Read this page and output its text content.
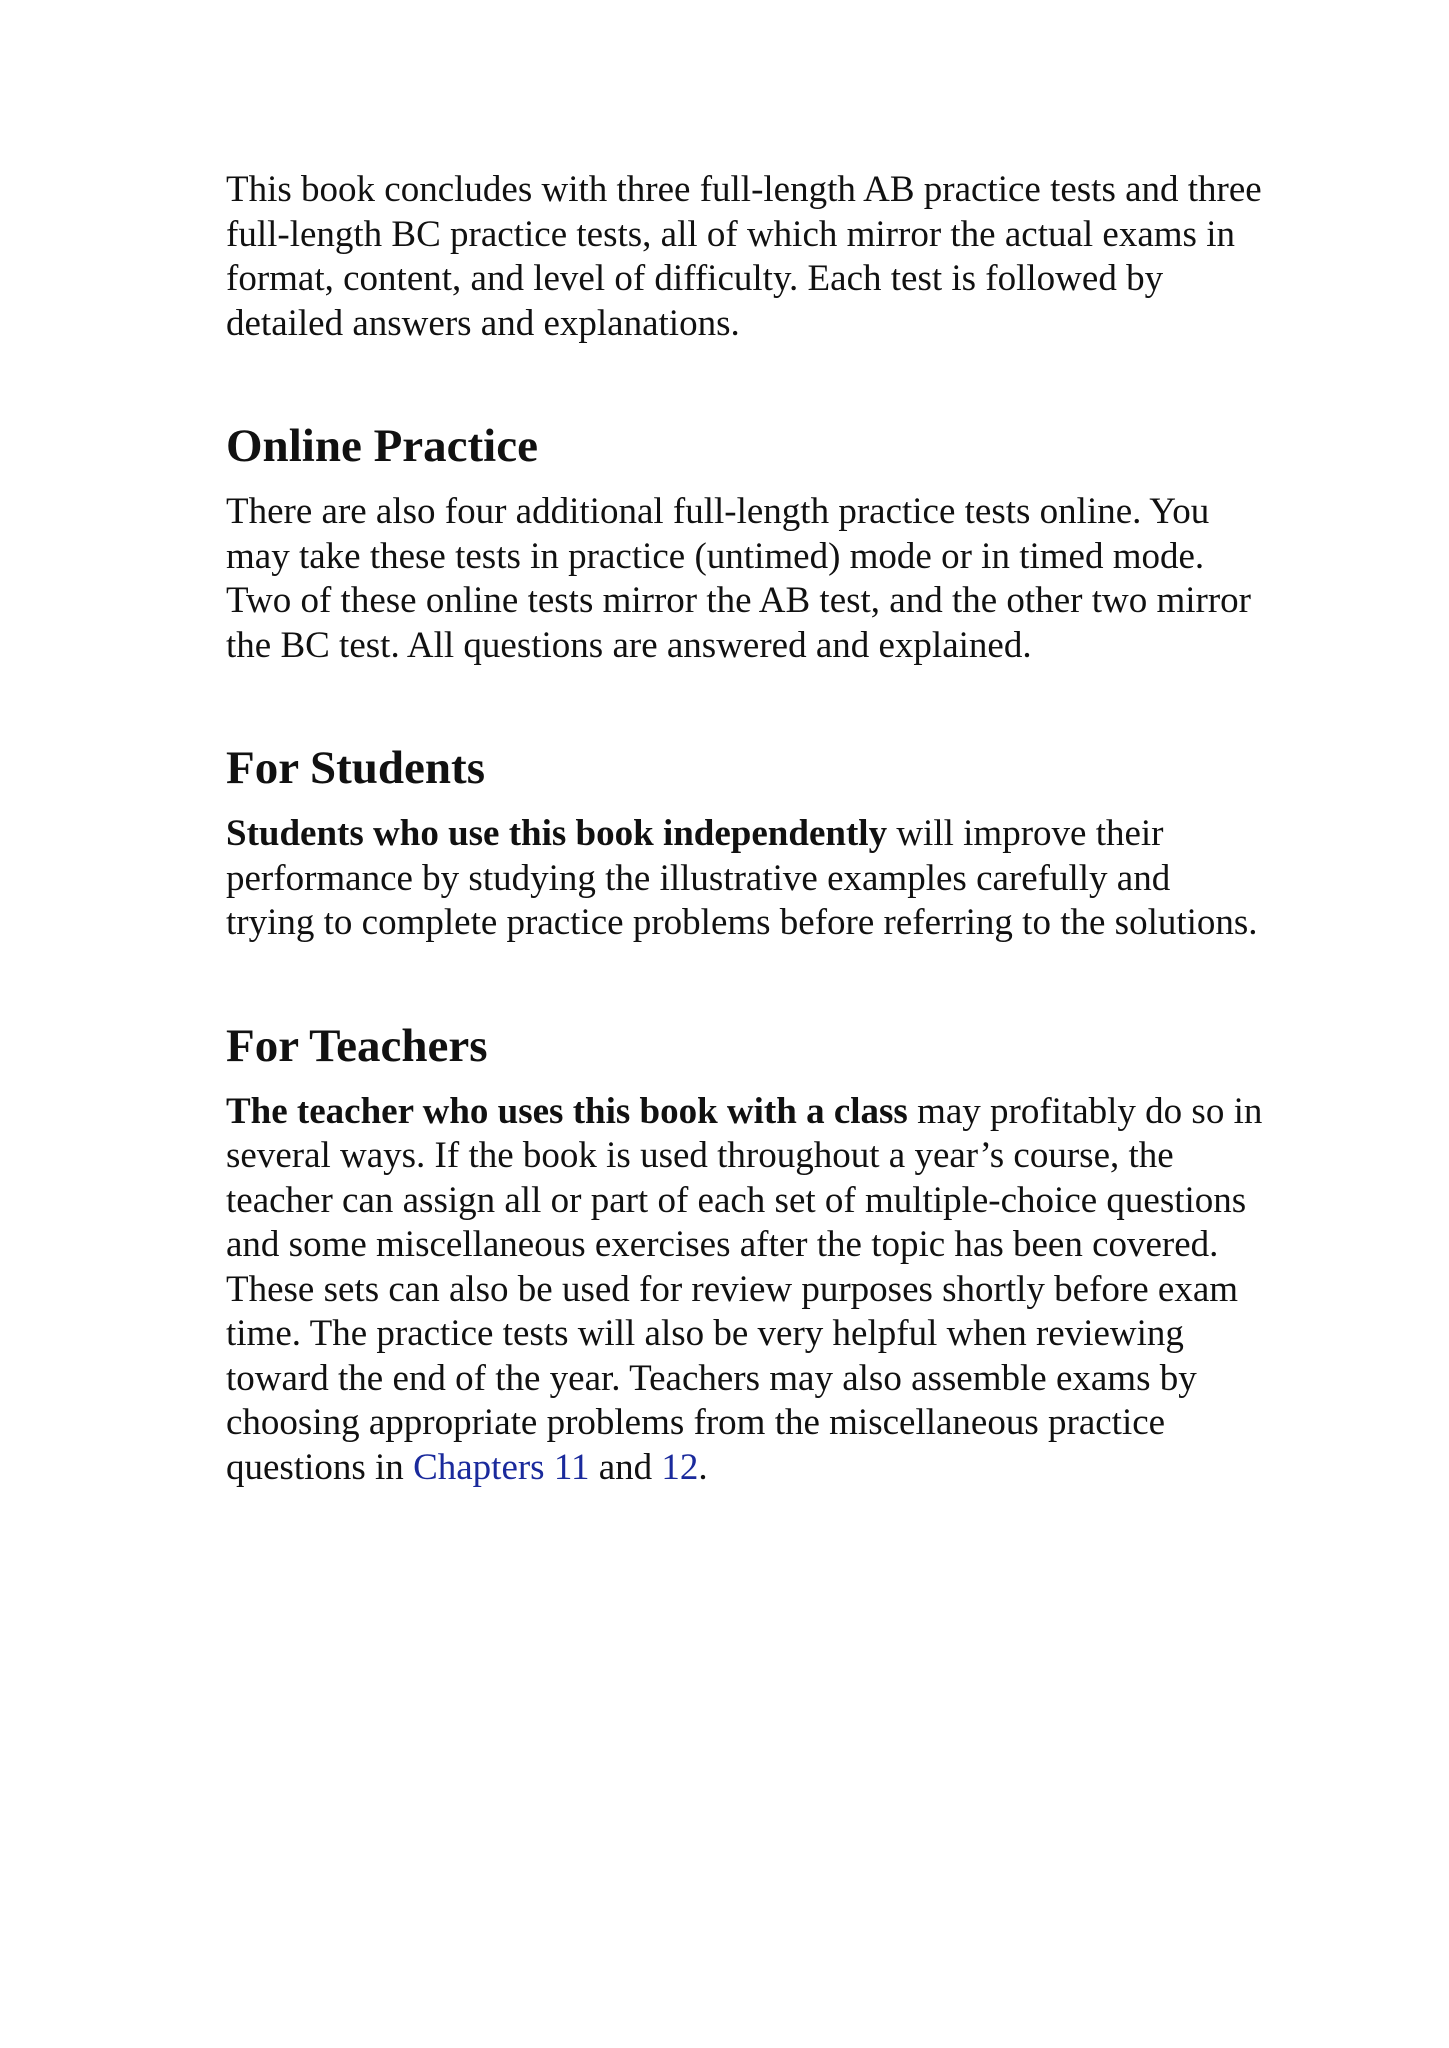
This book concludes with three full-length AB practice tests and three full-length BC practice tests, all of which mirror the actual exams in format, content, and level of difficulty. Each test is followed by detailed answers and explanations.

Online Practice

There are also four additional full-length practice tests online. You may take these tests in practice (untimed) mode or in timed mode. Two of these online tests mirror the AB test, and the other two mirror the BC test. All questions are answered and explained.

For Students

Students who use this book independently will improve their performance by studying the illustrative examples carefully and trying to complete practice problems before referring to the solutions.

For Teachers

The teacher who uses this book with a class may profitably do so in several ways. If the book is used throughout a year’s course, the teacher can assign all or part of each set of multiple-choice questions and some miscellaneous exercises after the topic has been covered. These sets can also be used for review purposes shortly before exam time. The practice tests will also be very helpful when reviewing toward the end of the year. Teachers may also assemble exams by choosing appropriate problems from the miscellaneous practice questions in Chapters 11 and 12.
